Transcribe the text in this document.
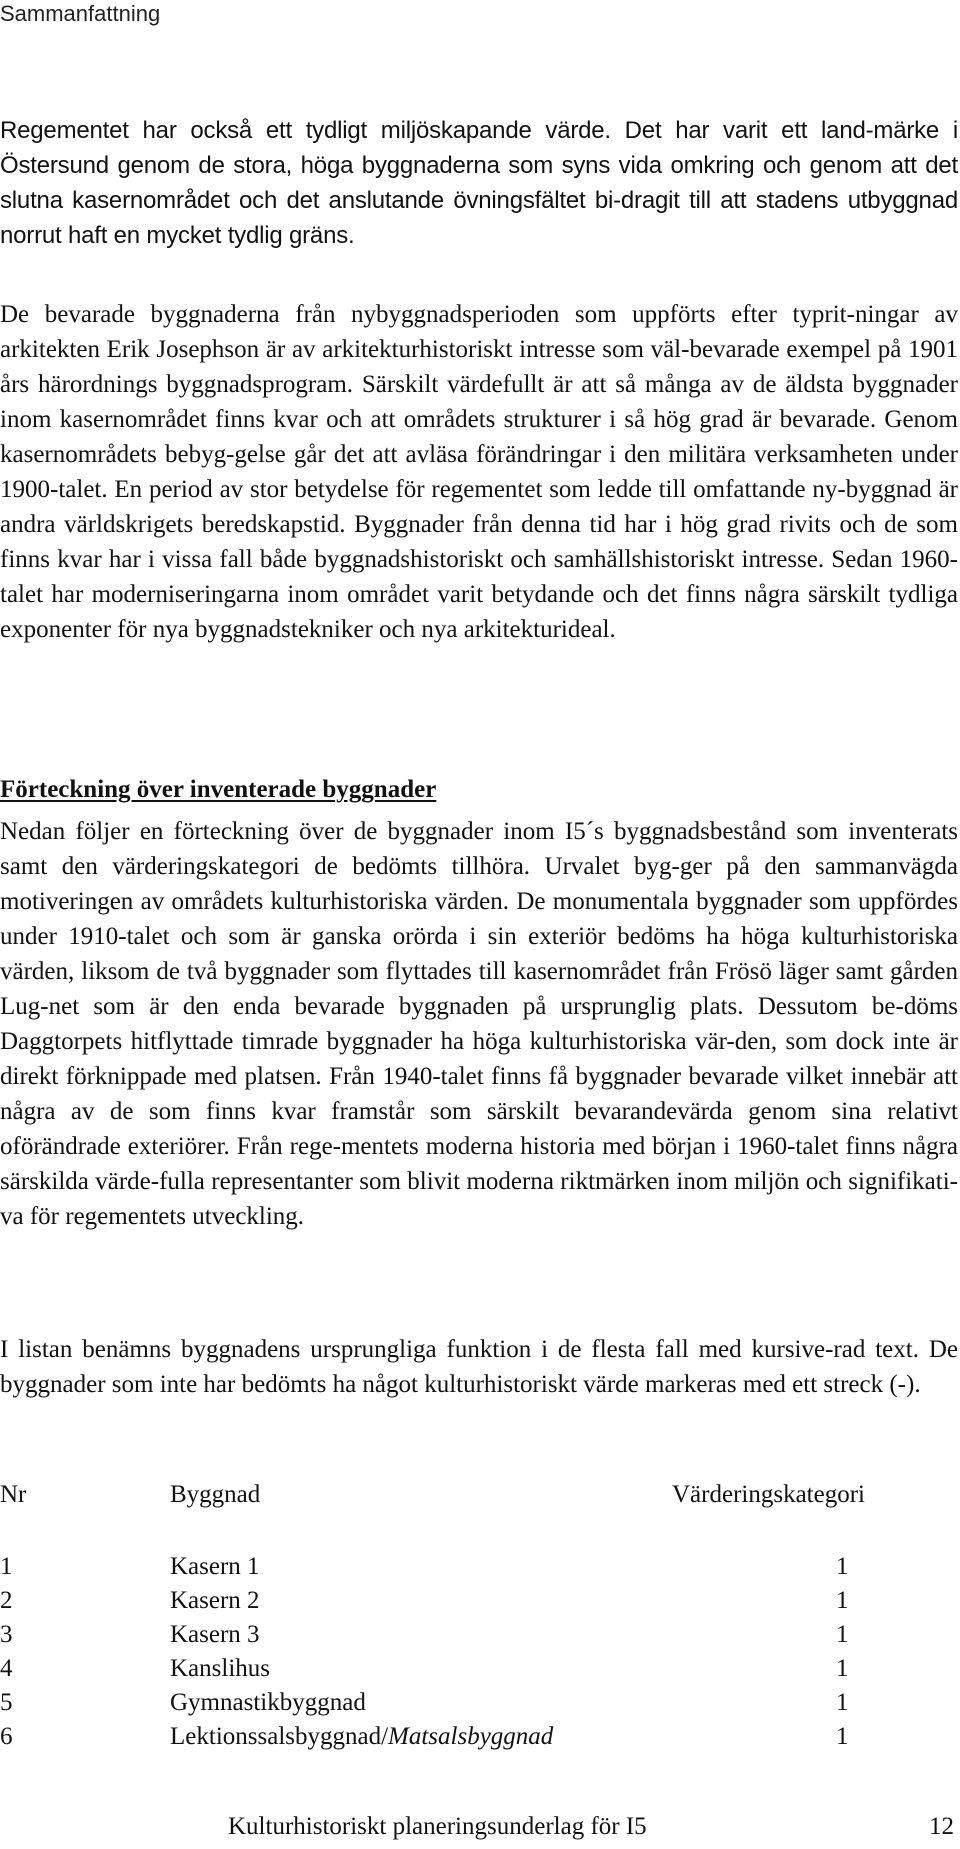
Sammanfattning

Regementet har också ett tydligt miljöskapande värde. Det har varit ett land-märke i Östersund genom de stora, höga byggnaderna som syns vida omkring och genom att det slutna kasernområdet och det anslutande övningsfältet bi-dragit till att stadens utbyggnad norrut haft en mycket tydlig gräns.

De bevarade byggnaderna från nybyggnadsperioden som uppförts efter typrit-ningar av arkitekten Erik Josephson är av arkitekturhistoriskt intresse som väl-bevarade exempel på 1901 års härordnings byggnadsprogram. Särskilt värdefullt är att så många av de äldsta byggnader inom kasernområdet finns kvar och att områdets strukturer i så hög grad är bevarade. Genom kasernområdets bebyg-gelse går det att avläsa förändringar i den militära verksamheten under 1900-talet. En period av stor betydelse för regementet som ledde till omfattande ny-byggnad är andra världskrigets beredskapstid. Byggnader från denna tid har i hög grad rivits och de som finns kvar har i vissa fall både byggnadshistoriskt och samhällshistoriskt intresse. Sedan 1960-talet har moderniseringarna inom området varit betydande och det finns några särskilt tydliga exponenter för nya byggnadstekniker och nya arkitekturideal.

Förteckning över inventerade byggnader

Nedan följer en förteckning över de byggnader inom I5´s byggnadsbestånd som inventerats samt den värderingskategori de bedömts tillhöra. Urvalet byg-ger på den sammanvägda motiveringen av områdets kulturhistoriska värden. De monumentala byggnader som uppfördes under 1910-talet och som är ganska orörda i sin exteriör bedöms ha höga kulturhistoriska värden, liksom de två byggnader som flyttades till kasernområdet från Frösö läger samt gården Lug-net som är den enda bevarade byggnaden på ursprunglig plats. Dessutom be-döms Daggtorpets hitflyttade timrade byggnader ha höga kulturhistoriska vär-den, som dock inte är direkt förknippade med platsen. Från 1940-talet finns få byggnader bevarade vilket innebär att några av de som finns kvar framstår som särskilt bevarandevärda genom sina relativt oförändrade exteriörer. Från rege-mentets moderna historia med början i 1960-talet finns några särskilda värde-fulla representanter som blivit moderna riktmärken inom miljön och signifikati-va för regementets utveckling.

I listan benämns byggnadens ursprungliga funktion i de flesta fall med kursive-rad text. De byggnader som inte har bedömts ha något kulturhistoriskt värde markeras med ett streck (-).

Nr	Byggnad	Värderingskategori
1	Kasern 1	1
2	Kasern 2	1
3	Kasern 3	1
4	Kanslihus	1
5	Gymnastikbyggnad	1
6	Lektionssalsbyggnad/Matsalsbyggnad	1
Kulturhistoriskt planeringsunderlag för I5	12
